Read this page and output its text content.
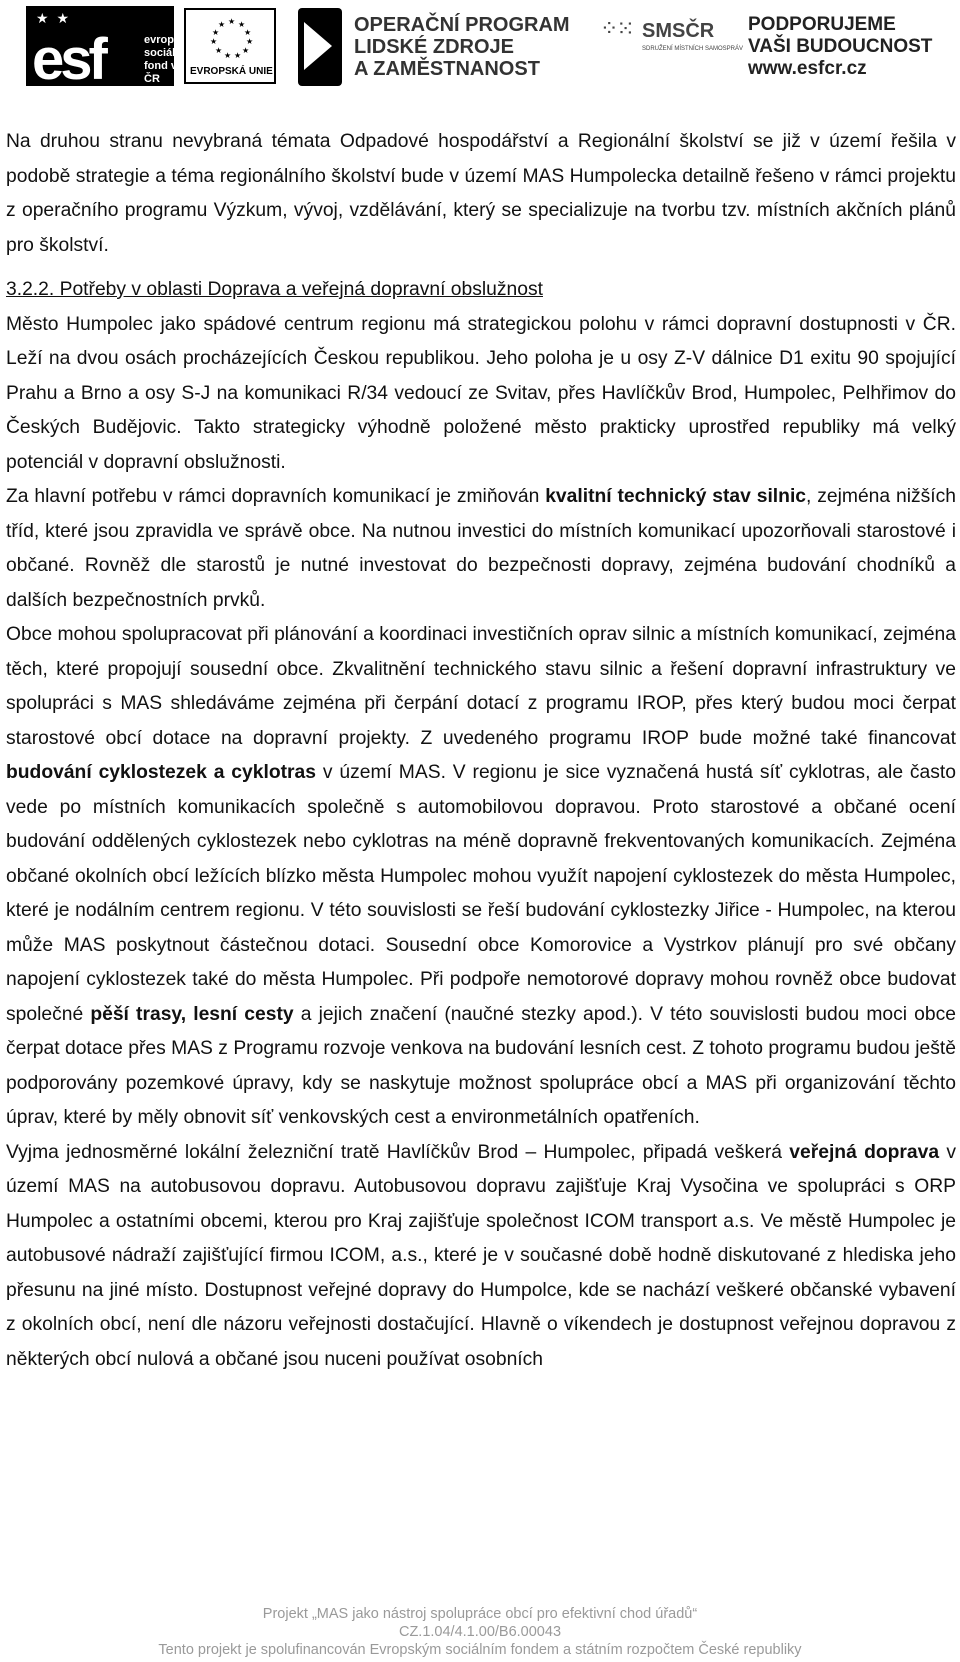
★ ★
esf	evropský
sociální
fond v ČR
★ ★
★
★
★
★
★
★
★
★
★
EVROPSKÁ UNIE
OPERAČNÍ PROGRAM
LIDSKÉ ZDROJE
A ZAMĚSTNANOST
⁘⁙ SMSČR
SDRUŽENÍ MÍSTNÍCH SAMOSPRÁV
PODPORUJEME
VAŠI BUDOUCNOST
www.esfcr.cz

Na druhou stranu nevybraná témata Odpadové hospodářství a Regionální školství se již v území řešila v podobě strategie a téma regionálního školství bude v území MAS Humpolecka detailně řešeno v rámci projektu z operačního programu Výzkum, vývoj, vzdělávání, který se specializuje na tvorbu tzv. místních akčních plánů pro školství.

3.2.2. Potřeby v oblasti Doprava a veřejná dopravní obslužnost

Město Humpolec jako spádové centrum regionu má strategickou polohu v rámci dopravní dostupnosti v ČR. Leží na dvou osách procházejících Českou republikou. Jeho poloha je u osy Z-V dálnice D1 exitu 90 spojující Prahu a Brno a osy S-J na komunikaci R/34 vedoucí ze Svitav, přes Havlíčkův Brod, Humpolec, Pelhřimov do Českých Budějovic. Takto strategicky výhodně položené město prakticky uprostřed republiky má velký potenciál v dopravní obslužnosti.

Za hlavní potřebu v rámci dopravních komunikací je zmiňován kvalitní technický stav silnic, zejména nižších tříd, které jsou zpravidla ve správě obce. Na nutnou investici do místních komunikací upozorňovali starostové i občané. Rovněž dle starostů je nutné investovat do bezpečnosti dopravy, zejména budování chodníků a dalších bezpečnostních prvků.

Obce mohou spolupracovat při plánování a koordinaci investičních oprav silnic a místních komunikací, zejména těch, které propojují sousední obce. Zkvalitnění technického stavu silnic a řešení dopravní infrastruktury ve spolupráci s MAS shledáváme zejména při čerpání dotací z programu IROP, přes který budou moci čerpat starostové obcí dotace na dopravní projekty. Z uvedeného programu IROP bude možné také financovat budování cyklostezek a cyklotras v území MAS. V regionu je sice vyznačená hustá síť cyklotras, ale často vede po místních komunikacích společně s automobilovou dopravou. Proto starostové a občané ocení budování oddělených cyklostezek nebo cyklotras na méně dopravně frekventovaných komunikacích. Zejména občané okolních obcí ležících blízko města Humpolec mohou využít napojení cyklostezek do města Humpolec, které je nodálním centrem regionu. V této souvislosti se řeší budování cyklostezky Jiřice - Humpolec, na kterou může MAS poskytnout částečnou dotaci. Sousední obce Komorovice a Vystrkov plánují pro své občany napojení cyklostezek také do města Humpolec. Při podpoře nemotorové dopravy mohou rovněž obce budovat společné pěší trasy, lesní cesty a jejich značení (naučné stezky apod.). V této souvislosti budou moci obce čerpat dotace přes MAS z Programu rozvoje venkova na budování lesních cest. Z tohoto programu budou ještě podporovány pozemkové úpravy, kdy se naskytuje možnost spolupráce obcí a MAS při organizování těchto úprav, které by měly obnovit síť venkovských cest a environmetálních opatřeních.

Vyjma jednosměrné lokální železniční tratě Havlíčkův Brod – Humpolec, připadá veškerá veřejná doprava v území MAS na autobusovou dopravu. Autobusovou dopravu zajišťuje Kraj Vysočina ve spolupráci s ORP Humpolec a ostatními obcemi, kterou pro Kraj zajišťuje společnost ICOM transport a.s. Ve městě Humpolec je autobusové nádraží zajišťující firmou ICOM, a.s., které je v současné době hodně diskutované z hlediska jeho přesunu na jiné místo. Dostupnost veřejné dopravy do Humpolce, kde se nachází veškeré občanské vybavení z okolních obcí, není dle názoru veřejnosti dostačující. Hlavně o víkendech je dostupnost veřejnou dopravou z některých obcí nulová a občané jsou nuceni používat osobních

Projekt „MAS jako nástroj spolupráce obcí pro efektivní chod úřadů“
CZ.1.04/4.1.00/B6.00043
Tento projekt je spolufinancován Evropským sociálním fondem a státním rozpočtem České republiky
